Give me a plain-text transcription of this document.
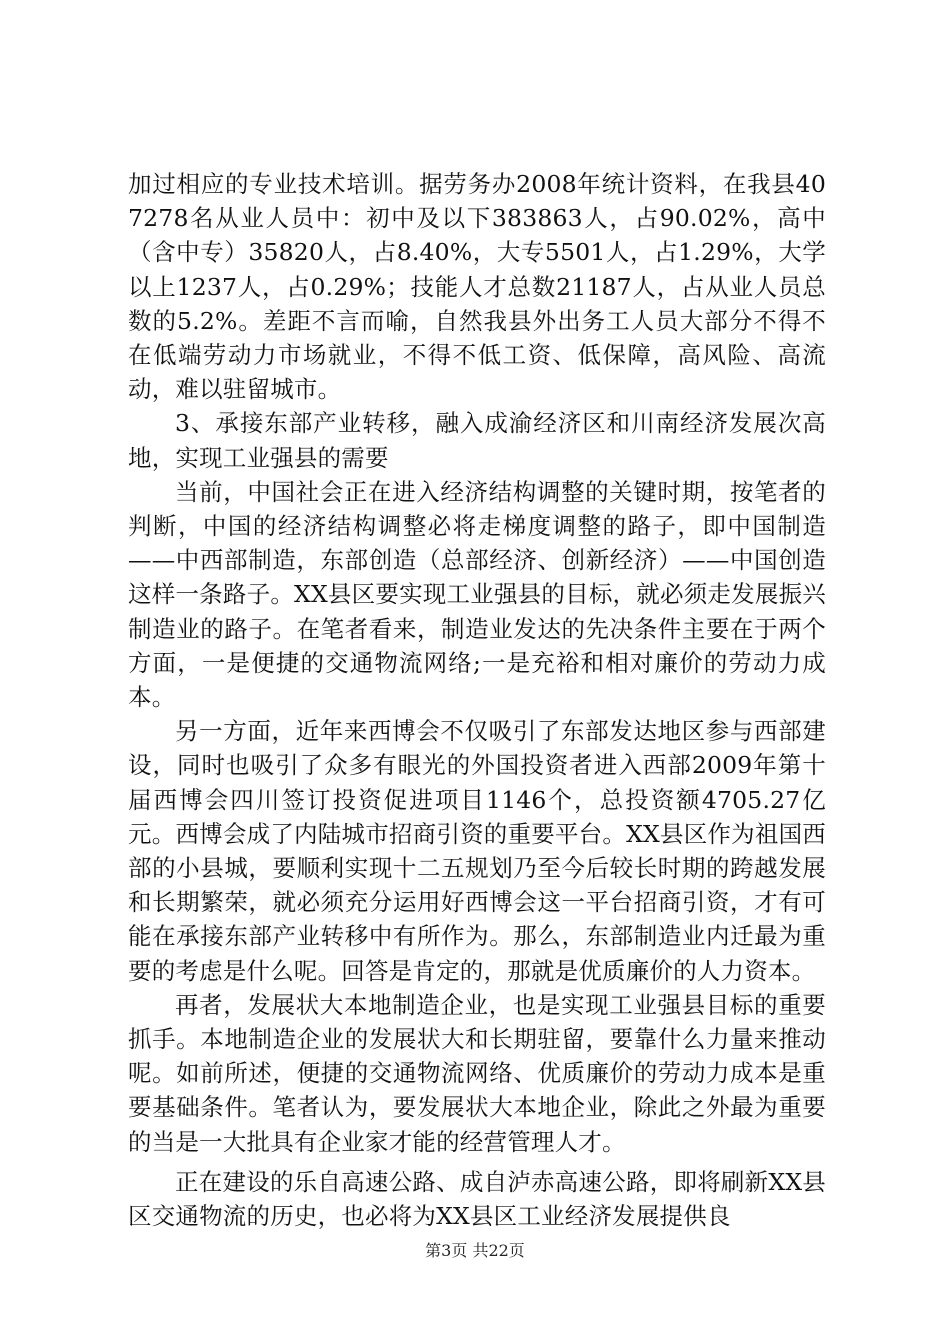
加过相应的专业技术培训。据劳务办2008年统计资料，在我县407278名从业人员中：初中及以下383863人，占90.02%，高中（含中专）35820人，占8.40%，大专5501人，占1.29%，大学以上1237人，占0.29%；技能人才总数21187人，占从业人员总数的5.2%。差距不言而喻，自然我县外出务工人员大部分不得不在低端劳动力市场就业，不得不低工资、低保障，高风险、高流动，难以驻留城市。

3、承接东部产业转移，融入成渝经济区和川南经济发展次高地，实现工业强县的需要

当前，中国社会正在进入经济结构调整的关键时期，按笔者的判断，中国的经济结构调整必将走梯度调整的路子，即中国制造——中西部制造，东部创造（总部经济、创新经济）——中国创造这样一条路子。XX县区要实现工业强县的目标，就必须走发展振兴制造业的路子。在笔者看来，制造业发达的先决条件主要在于两个方面，一是便捷的交通物流网络;一是充裕和相对廉价的劳动力成本。

另一方面，近年来西博会不仅吸引了东部发达地区参与西部建设，同时也吸引了众多有眼光的外国投资者进入西部2009年第十届西博会四川签订投资促进项目1146个，总投资额4705.27亿元。西博会成了内陆城市招商引资的重要平台。XX县区作为祖国西部的小县城，要顺利实现十二五规划乃至今后较长时期的跨越发展和长期繁荣，就必须充分运用好西博会这一平台招商引资，才有可能在承接东部产业转移中有所作为。那么，东部制造业内迁最为重要的考虑是什么呢。回答是肯定的，那就是优质廉价的人力资本。

再者，发展状大本地制造企业，也是实现工业强县目标的重要抓手。本地制造企业的发展状大和长期驻留，要靠什么力量来推动呢。如前所述，便捷的交通物流网络、优质廉价的劳动力成本是重要基础条件。笔者认为，要发展状大本地企业，除此之外最为重要的当是一大批具有企业家才能的经营管理人才。

正在建设的乐自高速公路、成自泸赤高速公路，即将刷新XX县区交通物流的历史，也必将为XX县区工业经济发展提供良

第3页 共22页
